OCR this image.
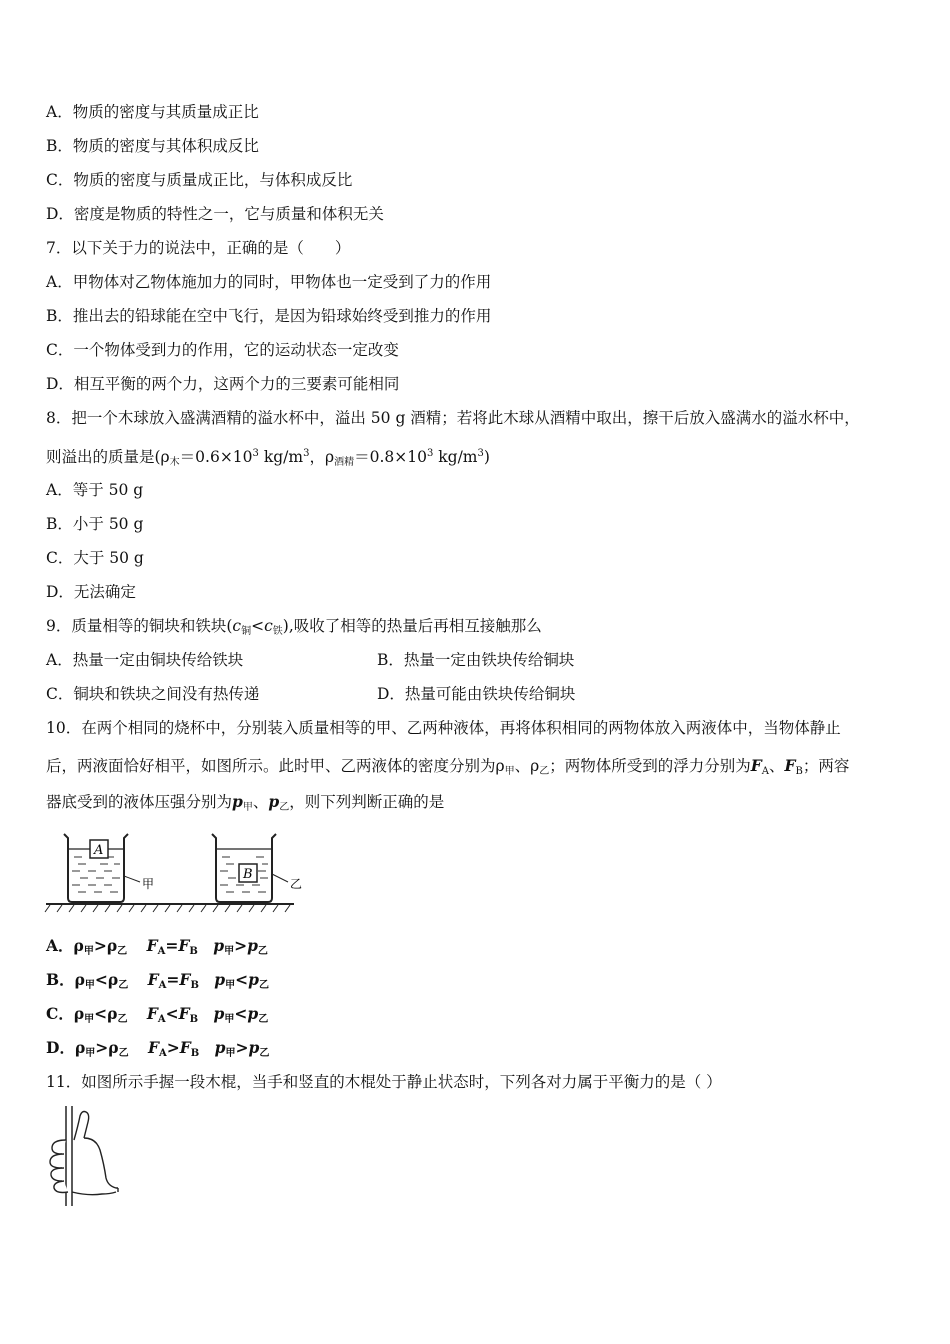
A．物质的密度与其质量成正比
B．物质的密度与其体积成反比
C．物质的密度与质量成正比，与体积成反比
D．密度是物质的特性之一，它与质量和体积无关
7．以下关于力的说法中，正确的是（　　）
A．甲物体对乙物体施加力的同时，甲物体也一定受到了力的作用
B．推出去的铅球能在空中飞行，是因为铅球始终受到推力的作用
C．一个物体受到力的作用，它的运动状态一定改变
D．相互平衡的两个力，这两个力的三要素可能相同
8．把一个木球放入盛满酒精的溢水杯中，溢出 50 g 酒精；若将此木球从酒精中取出，擦干后放入盛满水的溢水杯中，
则溢出的质量是($\rho_木=0.6\times 10^3$ $kg/m^3$，$\rho_{酒精}=0.8\times 10^3$ $kg/m^3$)
A．等于 50 g
B．小于 50 g
C．大于 50 g
D．无法确定
9．质量相等的铜块和铁块$(c_铜<c_铁)$,吸收了相等的热量后再相互接触那么
A．热量一定由铜块传给铁块	B．热量一定由铁块传给铜块
C．铜块和铁块之间没有热传递	D．热量可能由铁块传给铜块
10．在两个相同的烧杯中，分别装入质量相等的甲、乙两种液体，再将体积相同的两物体放入两液体中，当物体静止
后，两液面恰好相平，如图所示。此时甲、乙两液体的密度分别为$\rho_甲$、$\rho_乙$；两物体所受到的浮力分别为$F_A$、$F_B$；两容
器底受到的液体压强分别为$p_甲$、$p_乙$，则下列判断正确的是
A
甲
B
乙
A．$\rho_甲>\rho_乙$ $F_A=F_B$ $p_甲>p_乙$
B．$\rho_甲<\rho_乙$ $F_A=F_B$ $p_甲<p_乙$
C．$\rho_甲<\rho_乙$ $F_A<F_B$ $p_甲<p_乙$
D．$\rho_甲>\rho_乙$ $F_A>F_B$ $p_甲>p_乙$
11．如图所示手握一段木棍，当手和竖直的木棍处于静止状态时，下列各对力属于平衡力的是（ ）
